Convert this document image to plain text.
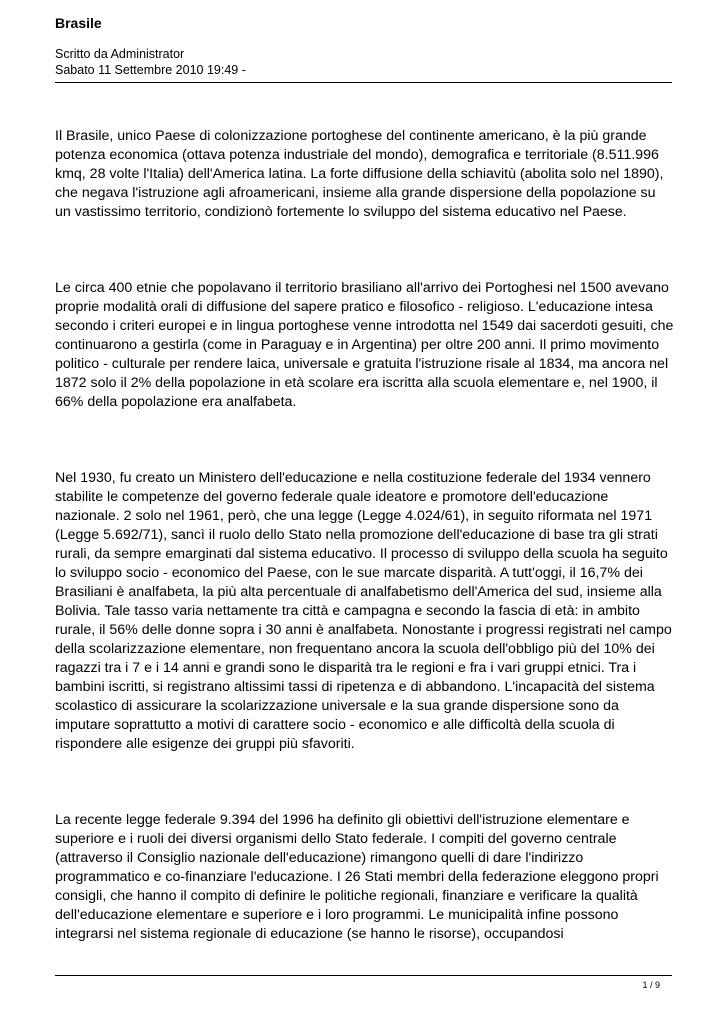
Brasile
Scritto da Administrator
Sabato 11 Settembre 2010 19:49 -

Il Brasile, unico Paese di colonizzazione portoghese del continente americano, è la più grande potenza economica (ottava potenza industriale del mondo), demografica e territoriale (8.511.996 kmq, 28 volte l'Italia) dell'America latina. La forte diffusione della schiavitù (abolita solo nel 1890), che negava l'istruzione agli afroamericani, insieme alla grande dispersione della popolazione su un vastissimo territorio, condizionò fortemente lo sviluppo del sistema educativo nel Paese.

Le circa 400 etnie che popolavano il territorio brasiliano all'arrivo dei Portoghesi nel 1500 avevano proprie modalità orali di diffusione del sapere pratico e filosofico - religioso. L'educazione intesa secondo i criteri europei e in lingua portoghese venne introdotta nel 1549 dai sacerdoti gesuiti, che continuarono a gestirla (come in Paraguay e in Argentina) per oltre 200 anni. Il primo movimento politico - culturale per rendere laica, universale e gratuita l'istruzione risale al 1834, ma ancora nel 1872 solo il 2% della popolazione in età scolare era iscritta alla scuola elementare e, nel 1900, il 66% della popolazione era analfabeta.

Nel 1930, fu creato un Ministero dell'educazione e nella costituzione federale del 1934 vennero stabilite le competenze del governo federale quale ideatore e promotore dell'educazione nazionale. 2 solo nel 1961, però, che una legge (Legge 4.024/61), in seguito riformata nel 1971 (Legge 5.692/71), sancì il ruolo dello Stato nella promozione dell'educazione di base tra gli strati rurali, da sempre emarginati dal sistema educativo. Il processo di sviluppo della scuola ha seguito lo sviluppo socio - economico del Paese, con le sue marcate disparità. A tutt'oggi, il 16,7% dei Brasiliani è analfabeta, la più alta percentuale di analfabetismo dell'America del sud, insieme alla Bolivia. Tale tasso varia nettamente tra città e campagna e secondo la fascia di età: in ambito rurale, il 56% delle donne sopra i 30 anni è analfabeta. Nonostante i progressi registrati nel campo della scolarizzazione elementare, non frequentano ancora la scuola dell'obbligo più del 10% dei ragazzi tra i 7 e i 14 anni e grandi sono le disparità tra le regioni e fra i vari gruppi etnici. Tra i bambini iscritti, si registrano altissimi tassi di ripetenza e di abbandono. L'incapacità del sistema scolastico di assicurare la scolarizzazione universale e la sua grande dispersione sono da imputare soprattutto a motivi di carattere socio - economico e alle difficoltà della scuola di rispondere alle esigenze dei gruppi più sfavoriti.

La recente legge federale 9.394 del 1996 ha definito gli obiettivi dell'istruzione elementare e superiore e i ruoli dei diversi organismi dello Stato federale. I compiti del governo centrale (attraverso il Consiglio nazionale dell'educazione) rimangono quelli di dare l'indirizzo programmatico e co-finanziare l'educazione. I 26 Stati membri della federazione eleggono propri consigli, che hanno il compito di definire le politiche regionali, finanziare e verificare la qualità dell'educazione elementare e superiore e i loro programmi. Le municipalità infine possono integrarsi nel sistema regionale di educazione (se hanno le risorse), occupandosi

1 / 9
